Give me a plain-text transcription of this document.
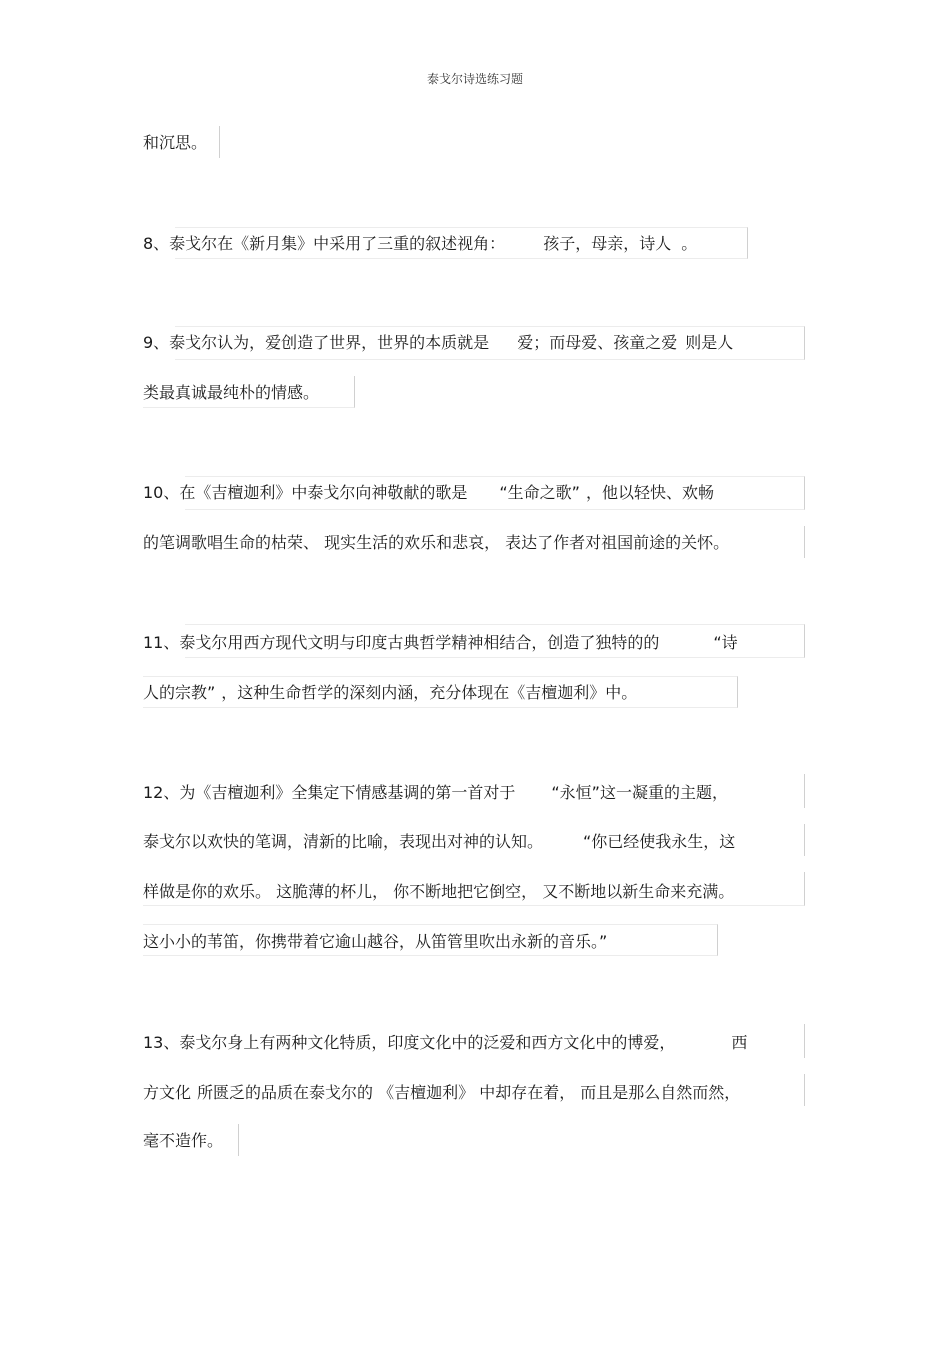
泰戈尔诗选练习题
和沉思。
8、泰戈尔在《新月集》中采用了三重的叙述视角： 孩子，母亲，诗人 。
9、泰戈尔认为，爱创造了世界，世界的本质就是 爱；而母爱、孩童之爱 则是人
类最真诚最纯朴的情感。
10、在《吉檀迦利》中泰戈尔向神敬献的歌是 “生命之歌” ，他以轻快、欢畅
的笔调歌唱生命的枯荣、 现实生活的欢乐和悲哀， 表达了作者对祖国前途的关怀。
11、泰戈尔用西方现代文明与印度古典哲学精神相结合，创造了独特的的	“诗
人的宗教” ，这种生命哲学的深刻内涵，充分体现在《吉檀迦利》中。
12、为《吉檀迦利》全集定下情感基调的第一首对于 “永恒”这一凝重的主题，
泰戈尔以欢快的笔调，清新的比喻，表现出对神的认知。	“你已经使我永生，这
样做是你的欢乐。 这脆薄的杯儿， 你不断地把它倒空， 又不断地以新生命来充满。
这小小的苇笛，你携带着它逾山越谷，从笛管里吹出永新的音乐。”
13、泰戈尔身上有两种文化特质，印度文化中的泛爱和西方文化中的博爱，	西
方文化 所匮乏的品质在泰戈尔的 《吉檀迦利》 中却存在着， 而且是那么自然而然，
毫不造作。
